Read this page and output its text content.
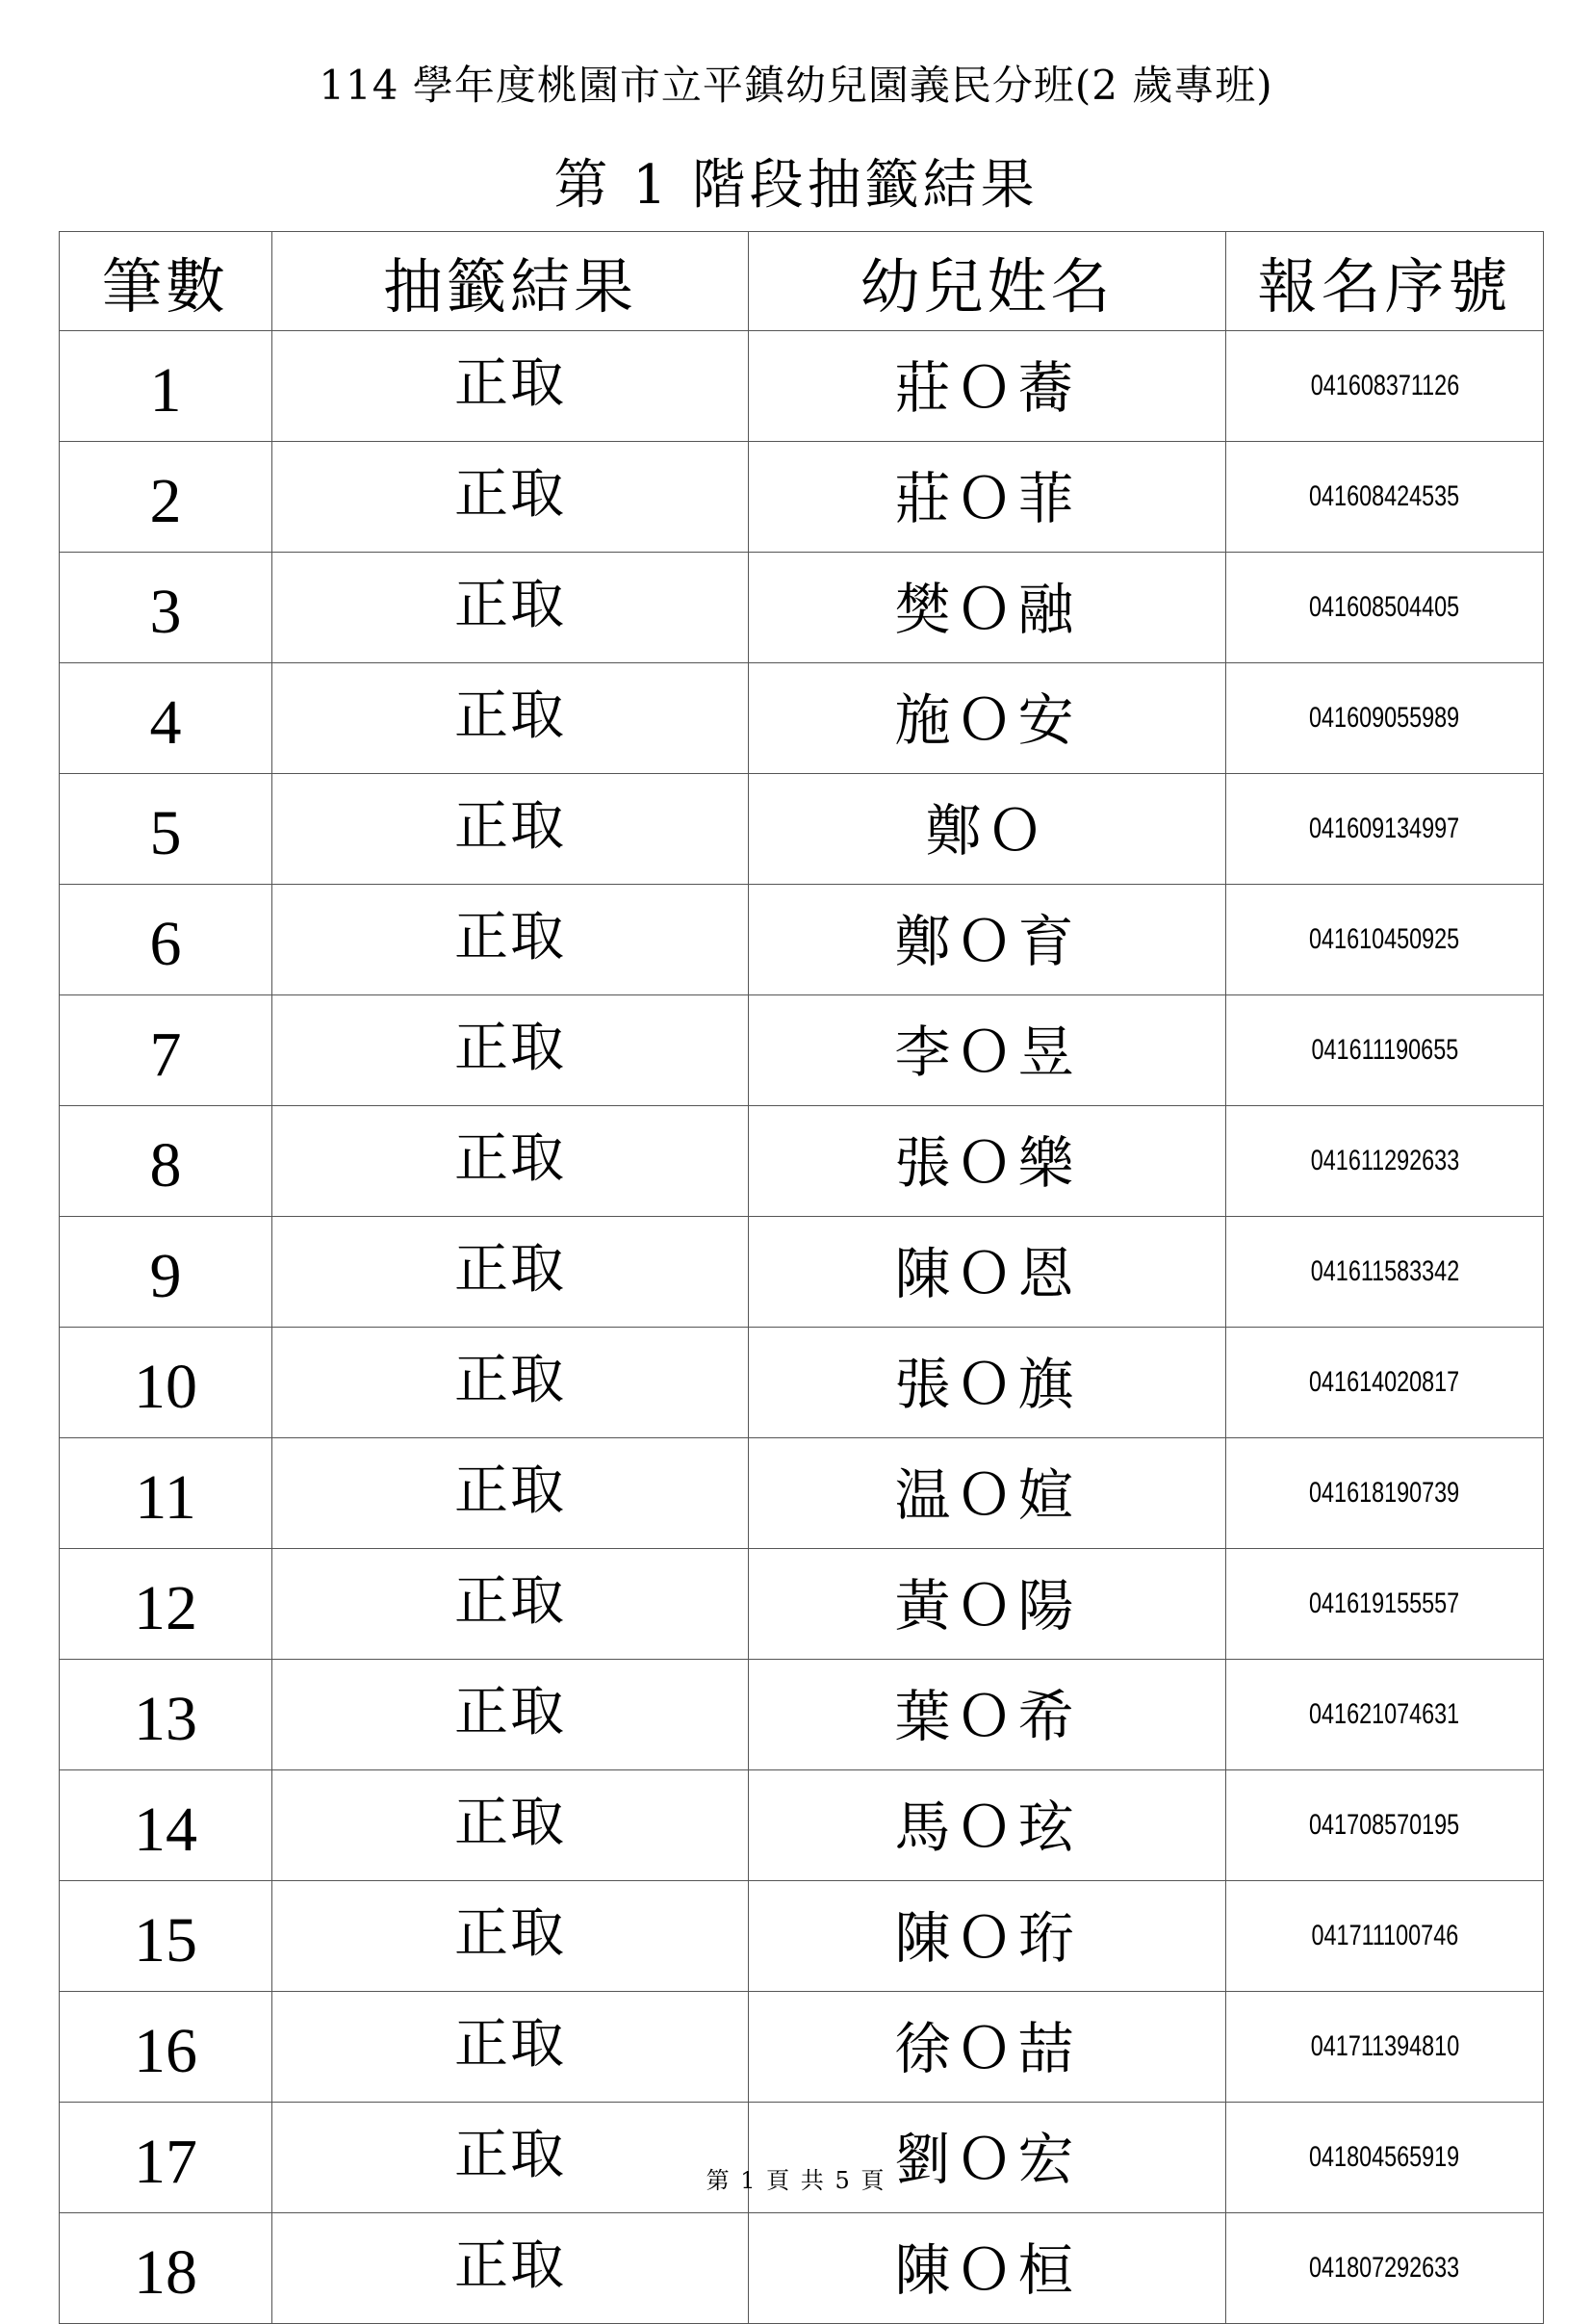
114 學年度桃園市立平鎮幼兒園義民分班(2 歲專班)
第 1 階段抽籤結果
筆數	抽籤結果	幼兒姓名	報名序號
1	正取	莊Ｏ蕎	041608371126
2	正取	莊Ｏ菲	041608424535
3	正取	樊Ｏ融	041608504405
4	正取	施Ｏ安	041609055989
5	正取	鄭Ｏ	041609134997
6	正取	鄭Ｏ育	041610450925
7	正取	李Ｏ昱	041611190655
8	正取	張Ｏ樂	041611292633
9	正取	陳Ｏ恩	041611583342
10	正取	張Ｏ旗	041614020817
11	正取	温Ｏ媗	041618190739
12	正取	黃Ｏ陽	041619155557
13	正取	葉Ｏ希	041621074631
14	正取	馬Ｏ玹	041708570195
15	正取	陳Ｏ珩	041711100746
16	正取	徐Ｏ喆	041711394810
17	正取	劉Ｏ宏	041804565919
18	正取	陳Ｏ桓	041807292633
第 1 頁 共 5 頁
